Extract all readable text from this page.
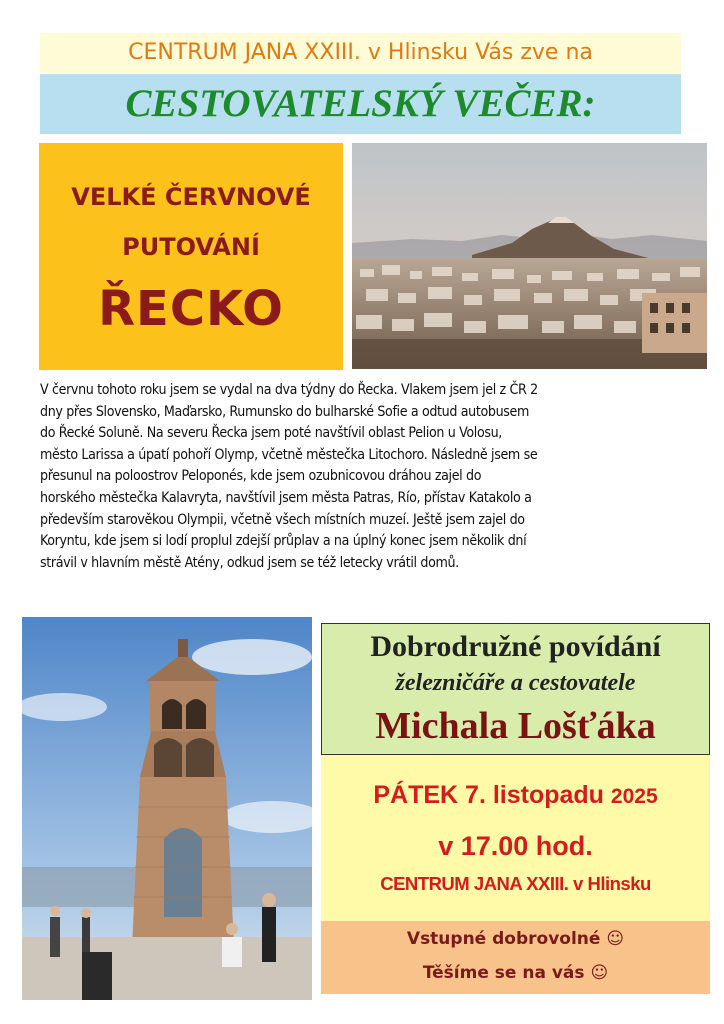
CENTRUM JANA XXIII. v Hlinsku Vás zve na
CESTOVATELSKÝ VEČER:
VELKÉ ČERVNOVÉ
PUTOVÁNÍ
ŘECKO
V červnu tohoto roku jsem se vydal na dva týdny do Řecka. Vlakem jsem jel z ČR 2
dny přes Slovensko, Maďarsko, Rumunsko do bulharské Sofie a odtud autobusem
do Řecké Soluně. Na severu Řecka jsem poté navštívil oblast Pelion u Volosu,
město Larissa a úpatí pohoří Olymp, včetně městečka Litochoro. Následně jsem se
přesunul na poloostrov Peloponés, kde jsem ozubnicovou dráhou zajel do
horského městečka Kalavryta, navštívil jsem města Patras, Río, přístav Katakolo a
především starověkou Olympii, včetně všech místních muzeí. Ještě jsem zajel do
Koryntu, kde jsem si lodí proplul zdejší průplav a na úplný konec jsem několik dní
strávil v hlavním městě Atény, odkud jsem se též letecky vrátil domů.
Dobrodružné povídání
železničáře a cestovatele
Michala Lošťáka
PÁTEK 7. listopadu 2025
v 17.00 hod.
CENTRUM JANA XXIII. v Hlinsku
Vstupné dobrovolné ☺
Těšíme se na vás ☺
